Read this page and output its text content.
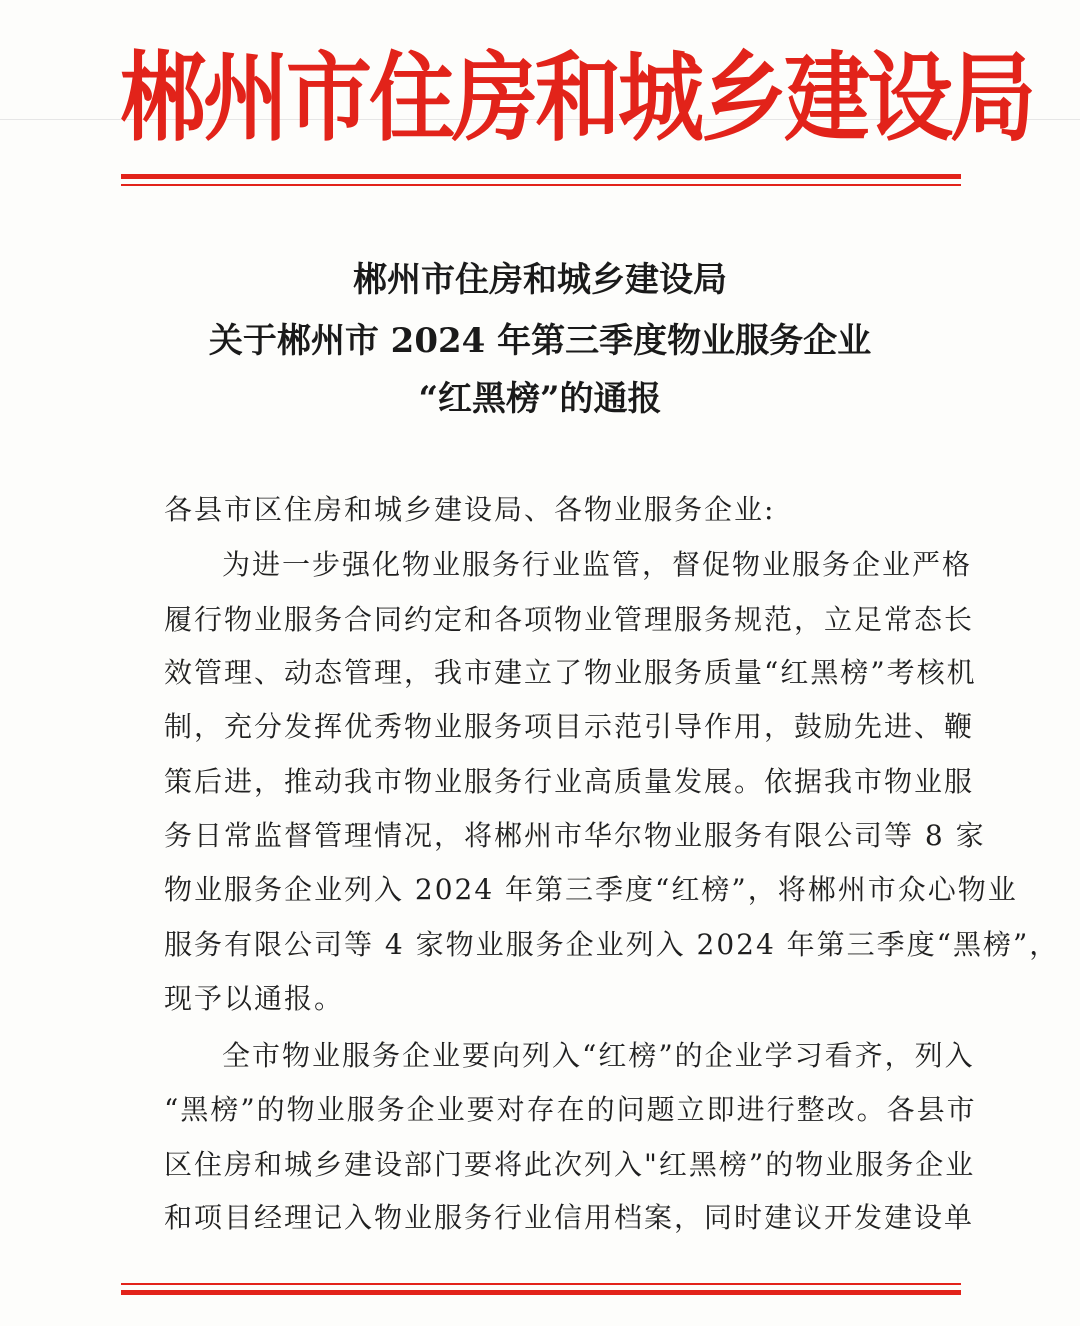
郴州市住房和城乡建设局
郴州市住房和城乡建设局
关于郴州市 2024 年第三季度物业服务企业
“红黑榜”的通报
各县市区住房和城乡建设局、各物业服务企业:
为进一步强化物业服务行业监管，督促物业服务企业严格
履行物业服务合同约定和各项物业管理服务规范，立足常态长
效管理、动态管理，我市建立了物业服务质量“红黑榜”考核机
制，充分发挥优秀物业服务项目示范引导作用，鼓励先进、鞭
策后进，推动我市物业服务行业高质量发展。依据我市物业服
务日常监督管理情况，将郴州市华尔物业服务有限公司等 8 家
物业服务企业列入 2024 年第三季度“红榜”，将郴州市众心物业
服务有限公司等 4 家物业服务企业列入 2024 年第三季度“黑榜”，
现予以通报。
全市物业服务企业要向列入“红榜”的企业学习看齐，列入
“黑榜”的物业服务企业要对存在的问题立即进行整改。各县市
区住房和城乡建设部门要将此次列入"红黑榜”的物业服务企业
和项目经理记入物业服务行业信用档案，同时建议开发建设单
